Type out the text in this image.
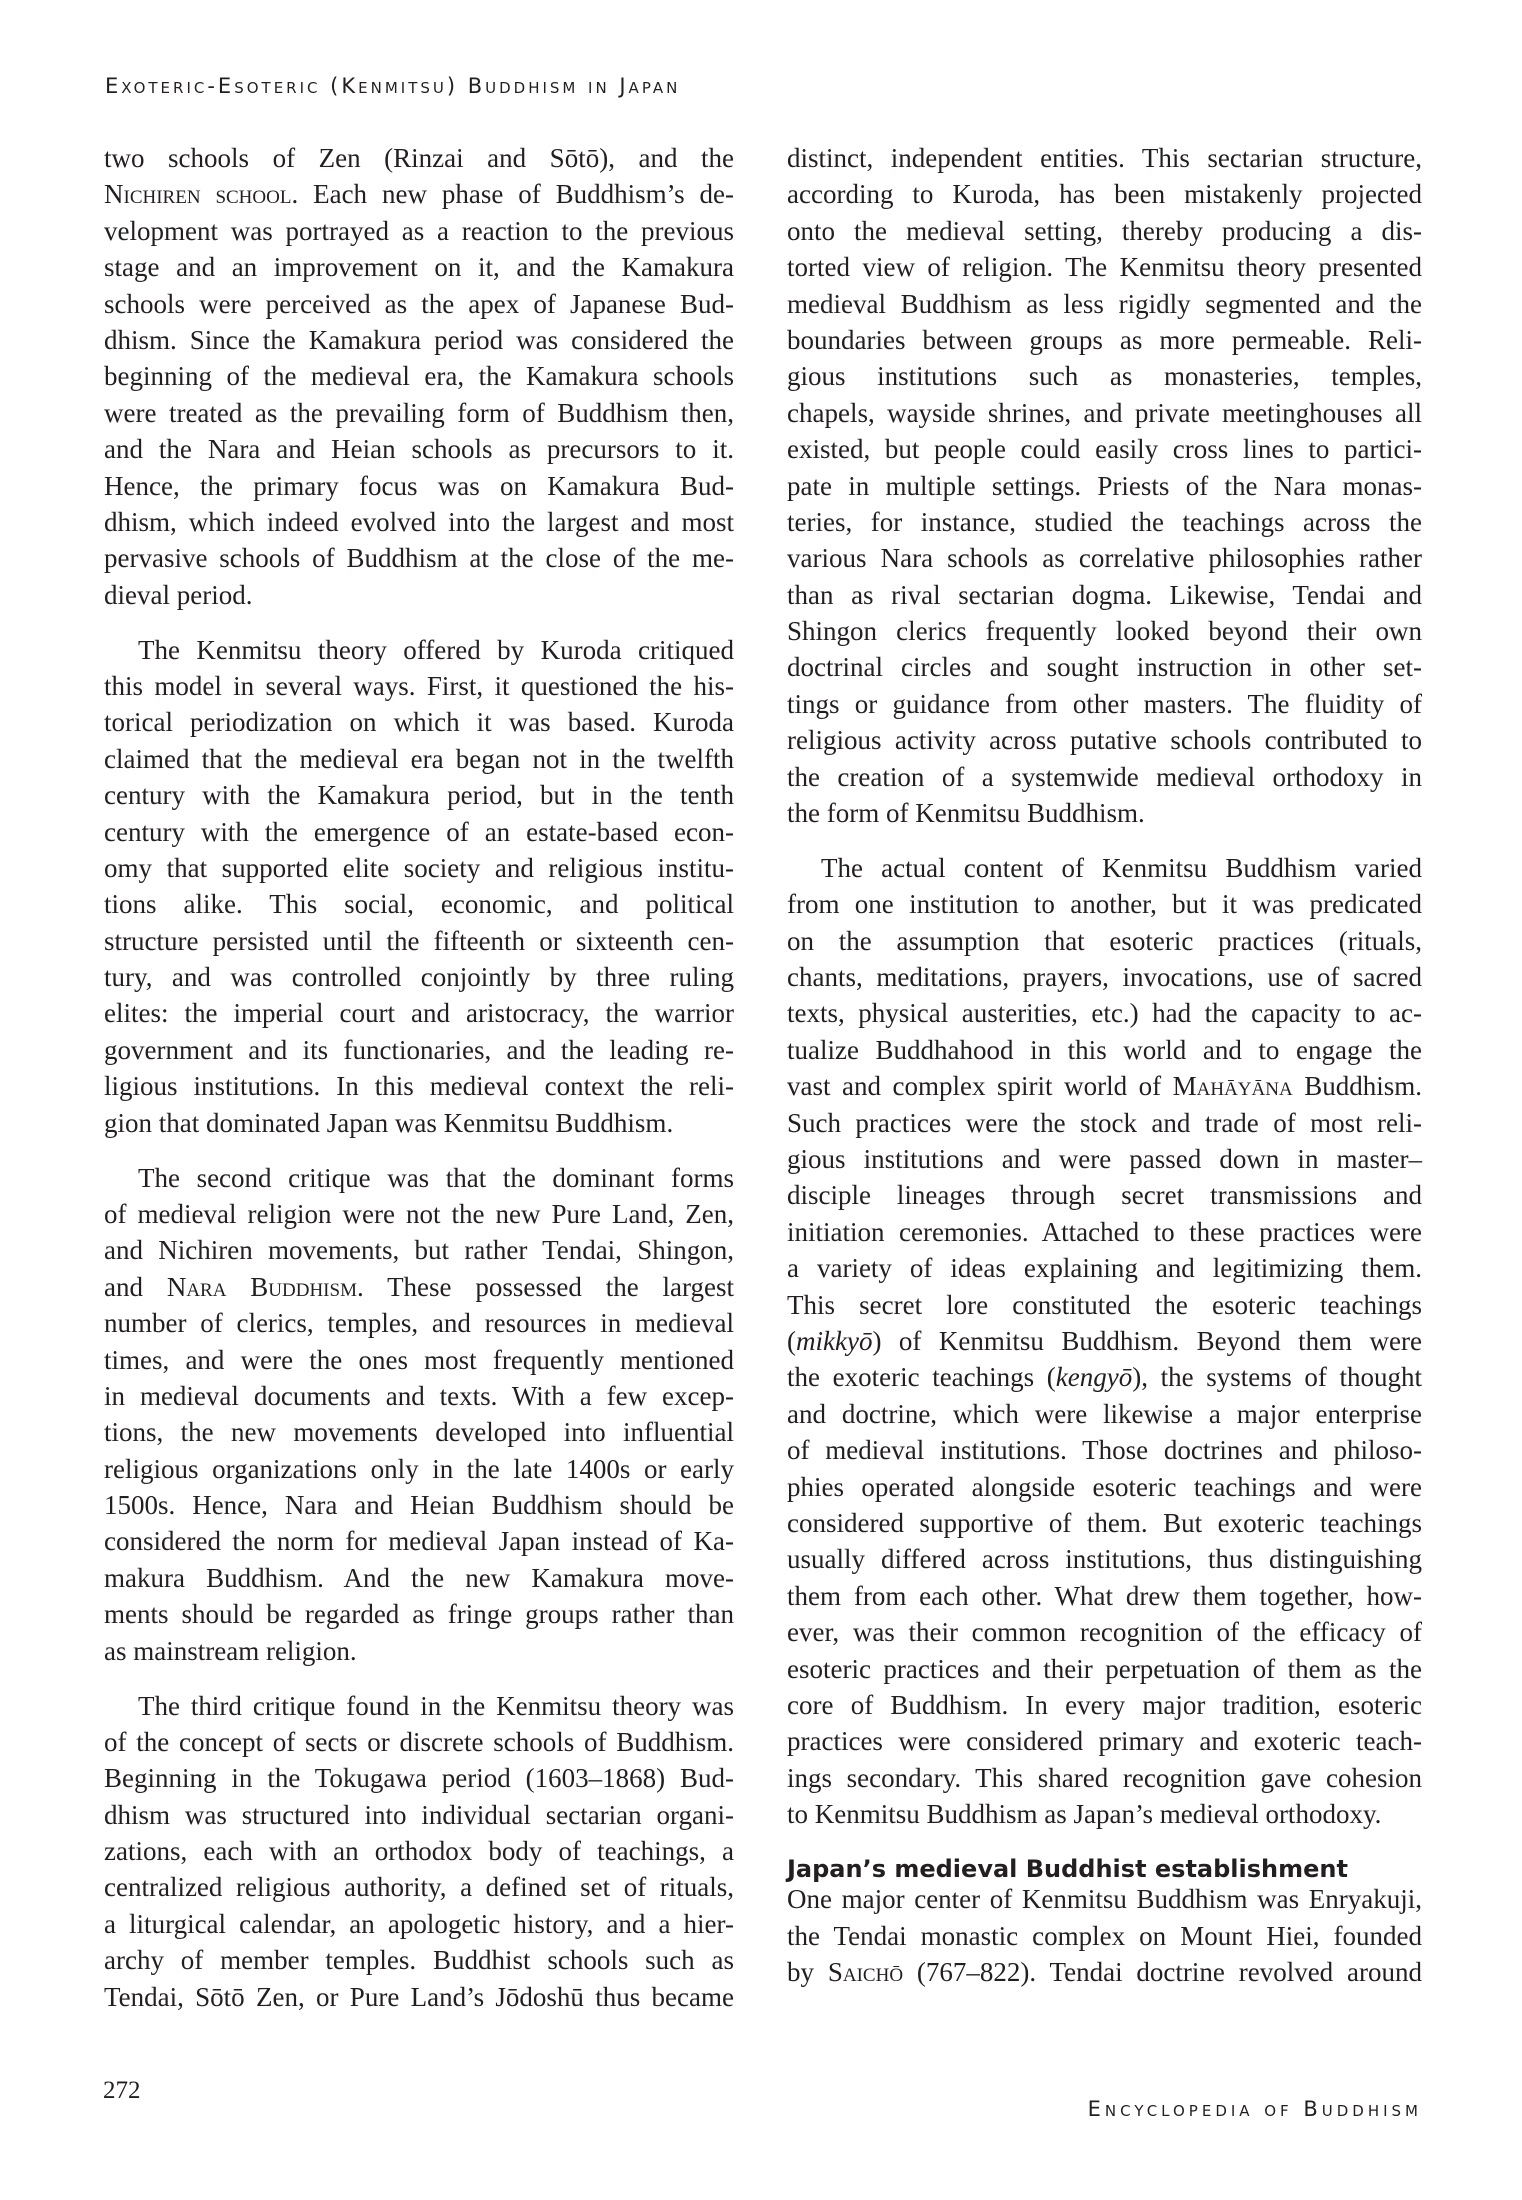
Exoteric-Esoteric (Kenmitsu) Buddhism in Japan
two schools of Zen (Rinzai and Sōtō), and the
Nichiren school. Each new phase of Buddhism’s de-
velopment was portrayed as a reaction to the previous
stage and an improvement on it, and the Kamakura
schools were perceived as the apex of Japanese Bud-
dhism. Since the Kamakura period was considered the
beginning of the medieval era, the Kamakura schools
were treated as the prevailing form of Buddhism then,
and the Nara and Heian schools as precursors to it.
Hence, the primary focus was on Kamakura Bud-
dhism, which indeed evolved into the largest and most
pervasive schools of Buddhism at the close of the me-
dieval period.
The Kenmitsu theory offered by Kuroda critiqued
this model in several ways. First, it questioned the his-
torical periodization on which it was based. Kuroda
claimed that the medieval era began not in the twelfth
century with the Kamakura period, but in the tenth
century with the emergence of an estate-based econ-
omy that supported elite society and religious institu-
tions alike. This social, economic, and political
structure persisted until the fifteenth or sixteenth cen-
tury, and was controlled conjointly by three ruling
elites: the imperial court and aristocracy, the warrior
government and its functionaries, and the leading re-
ligious institutions. In this medieval context the reli-
gion that dominated Japan was Kenmitsu Buddhism.
The second critique was that the dominant forms
of medieval religion were not the new Pure Land, Zen,
and Nichiren movements, but rather Tendai, Shingon,
and Nara Buddhism. These possessed the largest
number of clerics, temples, and resources in medieval
times, and were the ones most frequently mentioned
in medieval documents and texts. With a few excep-
tions, the new movements developed into influential
religious organizations only in the late 1400s or early
1500s. Hence, Nara and Heian Buddhism should be
considered the norm for medieval Japan instead of Ka-
makura Buddhism. And the new Kamakura move-
ments should be regarded as fringe groups rather than
as mainstream religion.
The third critique found in the Kenmitsu theory was
of the concept of sects or discrete schools of Buddhism.
Beginning in the Tokugawa period (1603–1868) Bud-
dhism was structured into individual sectarian organi-
zations, each with an orthodox body of teachings, a
centralized religious authority, a defined set of rituals,
a liturgical calendar, an apologetic history, and a hier-
archy of member temples. Buddhist schools such as
Tendai, Sōtō Zen, or Pure Land’s Jōdoshū thus became
distinct, independent entities. This sectarian structure,
according to Kuroda, has been mistakenly projected
onto the medieval setting, thereby producing a dis-
torted view of religion. The Kenmitsu theory presented
medieval Buddhism as less rigidly segmented and the
boundaries between groups as more permeable. Reli-
gious institutions such as monasteries, temples,
chapels, wayside shrines, and private meetinghouses all
existed, but people could easily cross lines to partici-
pate in multiple settings. Priests of the Nara monas-
teries, for instance, studied the teachings across the
various Nara schools as correlative philosophies rather
than as rival sectarian dogma. Likewise, Tendai and
Shingon clerics frequently looked beyond their own
doctrinal circles and sought instruction in other set-
tings or guidance from other masters. The fluidity of
religious activity across putative schools contributed to
the creation of a systemwide medieval orthodoxy in
the form of Kenmitsu Buddhism.
The actual content of Kenmitsu Buddhism varied
from one institution to another, but it was predicated
on the assumption that esoteric practices (rituals,
chants, meditations, prayers, invocations, use of sacred
texts, physical austerities, etc.) had the capacity to ac-
tualize Buddhahood in this world and to engage the
vast and complex spirit world of Mahāyāna Buddhism.
Such practices were the stock and trade of most reli-
gious institutions and were passed down in master–
disciple lineages through secret transmissions and
initiation ceremonies. Attached to these practices were
a variety of ideas explaining and legitimizing them.
This secret lore constituted the esoteric teachings
(mikkyō) of Kenmitsu Buddhism. Beyond them were
the exoteric teachings (kengyō), the systems of thought
and doctrine, which were likewise a major enterprise
of medieval institutions. Those doctrines and philoso-
phies operated alongside esoteric teachings and were
considered supportive of them. But exoteric teachings
usually differed across institutions, thus distinguishing
them from each other. What drew them together, how-
ever, was their common recognition of the efficacy of
esoteric practices and their perpetuation of them as the
core of Buddhism. In every major tradition, esoteric
practices were considered primary and exoteric teach-
ings secondary. This shared recognition gave cohesion
to Kenmitsu Buddhism as Japan’s medieval orthodoxy.
Japan’s medieval Buddhist establishment
One major center of Kenmitsu Buddhism was Enryakuji,
the Tendai monastic complex on Mount Hiei, founded
by Saichō (767–822). Tendai doctrine revolved around
272
Encyclopedia of Buddhism
